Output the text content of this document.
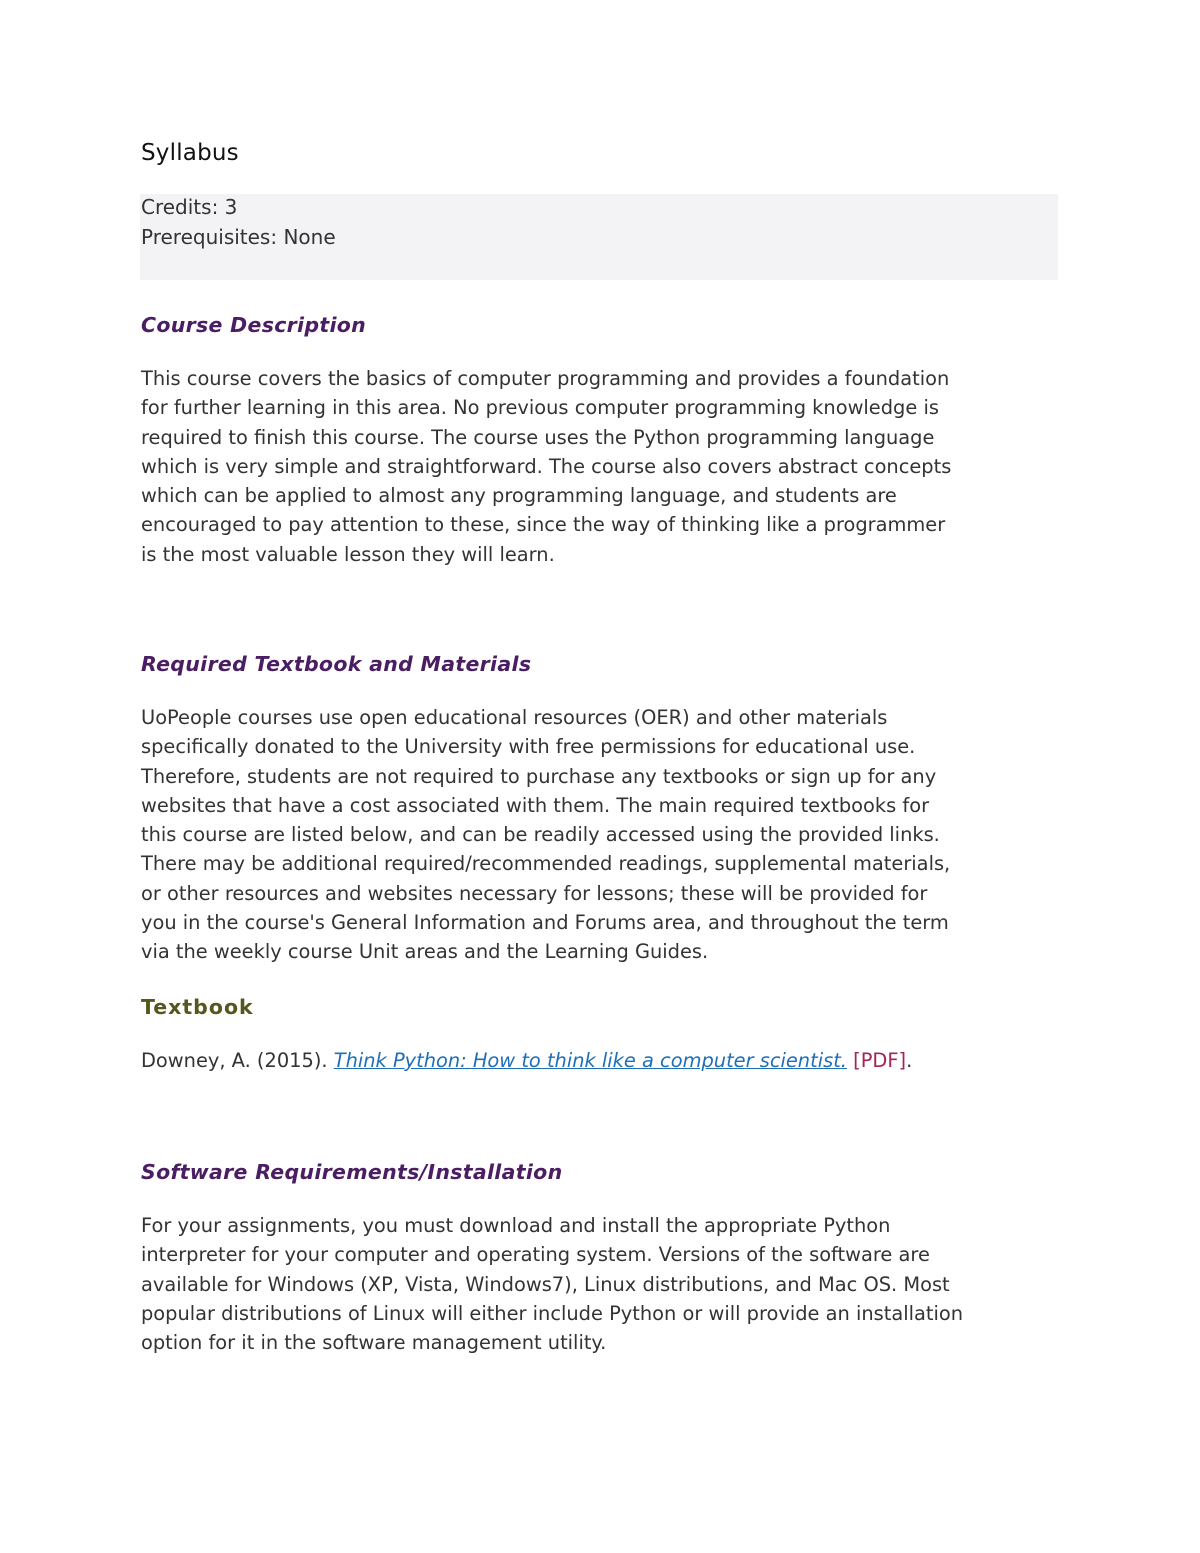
Syllabus
Credits: 3
Prerequisites: None
Course Description

This course covers the basics of computer programming and provides a foundation
for further learning in this area. No previous computer programming knowledge is
required to finish this course. The course uses the Python programming language
which is very simple and straightforward. The course also covers abstract concepts
which can be applied to almost any programming language, and students are
encouraged to pay attention to these, since the way of thinking like a programmer
is the most valuable lesson they will learn.

Required Textbook and Materials

UoPeople courses use open educational resources (OER) and other materials
specifically donated to the University with free permissions for educational use.
Therefore, students are not required to purchase any textbooks or sign up for any
websites that have a cost associated with them. The main required textbooks for
this course are listed below, and can be readily accessed using the provided links.
There may be additional required/recommended readings, supplemental materials,
or other resources and websites necessary for lessons; these will be provided for
you in the course's General Information and Forums area, and throughout the term
via the weekly course Unit areas and the Learning Guides.

Textbook

Downey, A. (2015). Think Python: How to think like a computer scientist. [PDF].

Software Requirements/Installation

For your assignments, you must download and install the appropriate Python
interpreter for your computer and operating system. Versions of the software are
available for Windows (XP, Vista, Windows7), Linux distributions, and Mac OS. Most
popular distributions of Linux will either include Python or will provide an installation
option for it in the software management utility.
